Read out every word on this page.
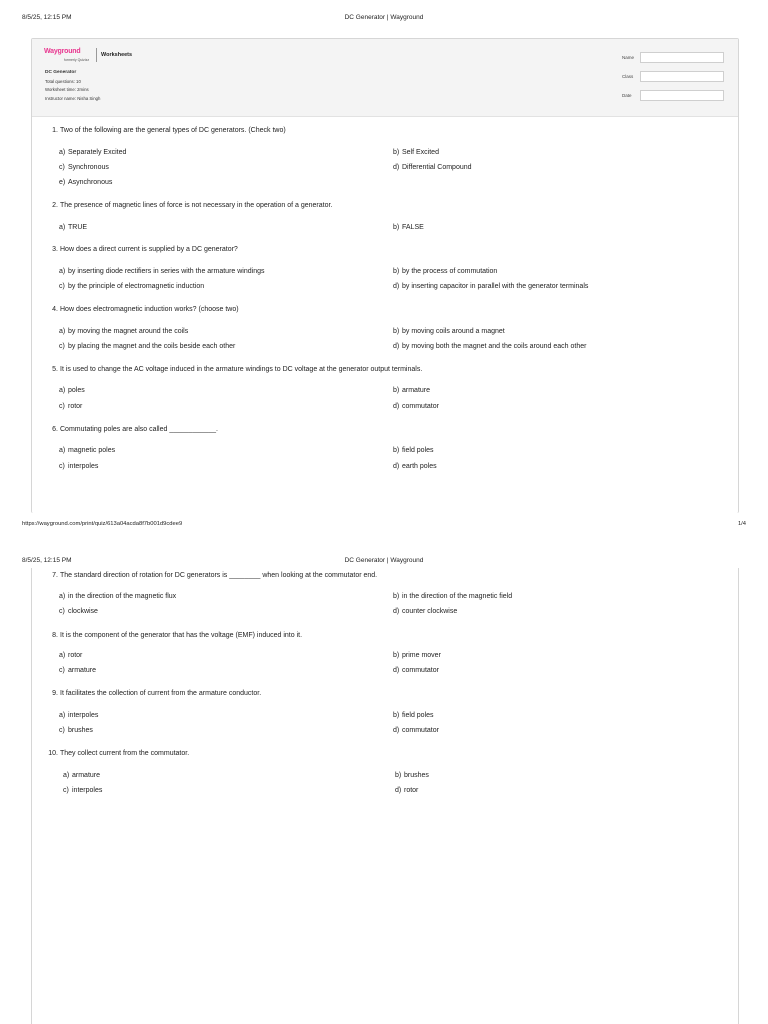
8/5/25, 12:15 PM	DC Generator | Wayground
Wayground
formerly Quizizz
Worksheets
DC Generator
Total questions: 10
Worksheet time: 2mins
Instructor name: Nisha Singh
Name
Class
Date
1. Two of the following are the general types of DC generators. (Check two)
a) Separately Excited	b) Self Excited
c) Synchronous	d) Differential Compound
e) Asynchronous
2. The presence of magnetic lines of force is not necessary in the operation of a generator.
a) TRUE	b) FALSE
3. How does a direct current is supplied by a DC generator?
a) by inserting diode rectifiers in series with the armature windings	b) by the process of commutation
c) by the principle of electromagnetic induction	d) by inserting capacitor in parallel with the generator terminals
4. How does electromagnetic induction works? (choose two)
a) by moving the magnet around the coils	b) by moving coils around a magnet
c) by placing the magnet and the coils beside each other	d) by moving both the magnet and the coils around each other
5. It is used to change the AC voltage induced in the armature windings to DC voltage at the generator output terminals.
a) poles	b) armature
c) rotor	d) commutator
6. Commutating poles are also called ____________.
a) magnetic poles	b) field poles
c) interpoles	d) earth poles
7. The standard direction of rotation for DC generators is ________ when looking at the commutator end.
a) in the direction of the magnetic flux	b) in the direction of the magnetic field
c) clockwise	d) counter clockwise
8. It is the component of the generator that has the voltage (EMF) induced into it.
a) rotor	b) prime mover
c) armature	d) commutator
9. It facilitates the collection of current from the armature conductor.
a) interpoles	b) field poles
c) brushes	d) commutator
10. They collect current from the commutator.
a) armature	b) brushes
c) interpoles	d) rotor
https://wayground.com/print/quiz/613a04acda8f7b001d9cdee9	1/4
8/5/25, 12:15 PM	DC Generator | Wayground
